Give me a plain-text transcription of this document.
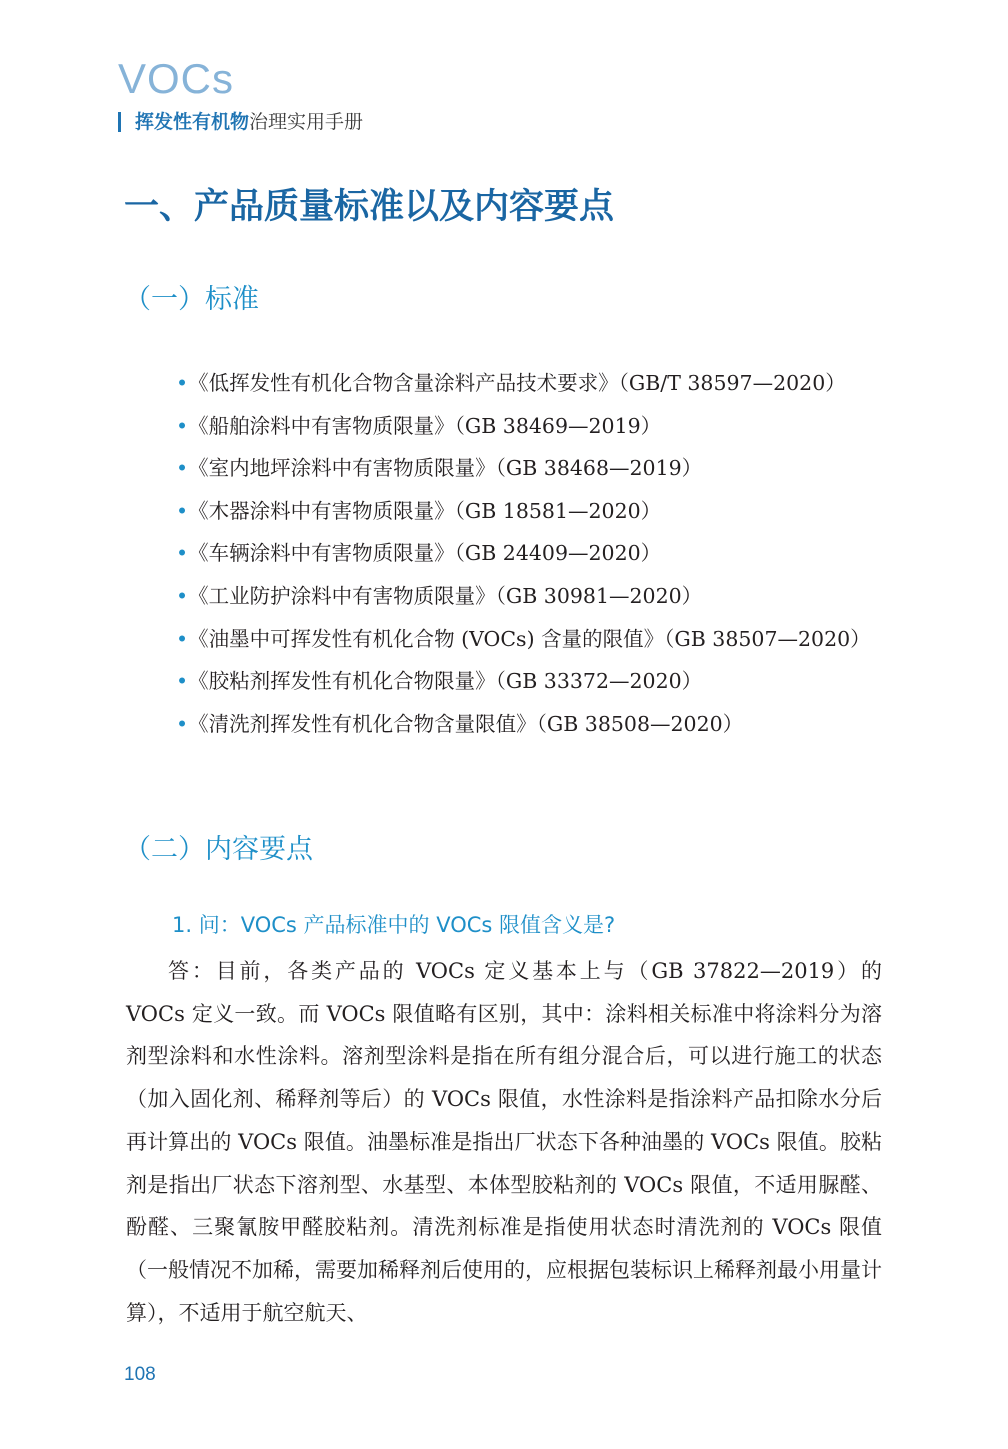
VOCs
挥发性有机物 治理实用手册
一、产品质量标准以及内容要点
（一）标准
•《低挥发性有机化合物含量涂料产品技术要求》（GB/T 38597—2020）
•《船舶涂料中有害物质限量》（GB 38469—2019）
•《室内地坪涂料中有害物质限量》（GB 38468—2019）
•《木器涂料中有害物质限量》（GB 18581—2020）
•《车辆涂料中有害物质限量》（GB 24409—2020）
•《工业防护涂料中有害物质限量》（GB 30981—2020）
•《油墨中可挥发性有机化合物 (VOCs) 含量的限值》（GB 38507—2020）
•《胶粘剂挥发性有机化合物限量》（GB 33372—2020）
•《清洗剂挥发性有机化合物含量限值》（GB 38508—2020）
（二）内容要点
1. 问：VOCs 产品标准中的 VOCs 限值含义是?

答：目前，各类产品的 VOCs 定义基本上与（GB 37822—2019）的 VOCs 定义一致。而 VOCs 限值略有区别，其中：涂料相关标准中将涂料分为溶剂型涂料和水性涂料。溶剂型涂料是指在所有组分混合后，可以进行施工的状态（加入固化剂、稀释剂等后）的 VOCs 限值，水性涂料是指涂料产品扣除水分后再计算出的 VOCs 限值。油墨标准是指出厂状态下各种油墨的 VOCs 限值。胶粘剂是指出厂状态下溶剂型、水基型、本体型胶粘剂的 VOCs 限值，不适用脲醛、酚醛、三聚氰胺甲醛胶粘剂。清洗剂标准是指使用状态时清洗剂的 VOCs 限值（一般情况不加稀，需要加稀释剂后使用的，应根据包装标识上稀释剂最小用量计算），不适用于航空航天、

108
